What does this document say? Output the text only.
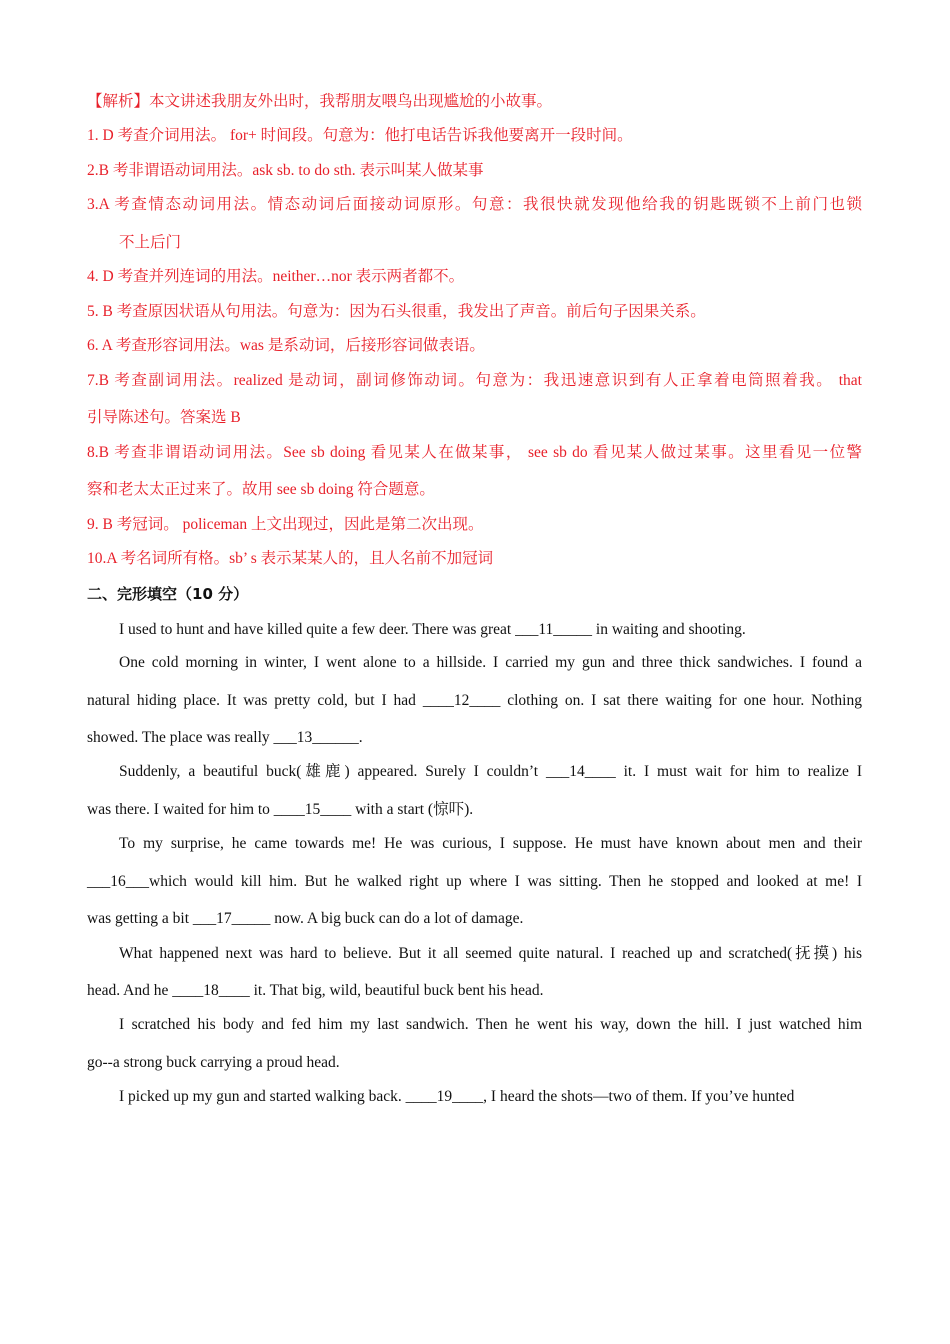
【解析】本文讲述我朋友外出时，我帮朋友喂鸟出现尴尬的小故事。
1. D 考查介词用法。 for+ 时间段。句意为：他打电话告诉我他要离开一段时间。
2.B 考非谓语动词用法。ask sb. to do sth. 表示叫某人做某事
3.A 考查情态动词用法。情态动词后面接动词原形。句意：我很快就发现他给我的钥匙既锁不上前门也锁
不上后门
4. D 考查并列连词的用法。neither…nor 表示两者都不。
5. B 考查原因状语从句用法。句意为：因为石头很重，我发出了声音。前后句子因果关系。
6. A 考查形容词用法。was 是系动词，后接形容词做表语。
7.B 考查副词用法。realized 是动词，副词修饰动词。句意为：我迅速意识到有人正拿着电筒照着我。 that
引导陈述句。答案选 B
8.B 考查非谓语动词用法。See sb doing 看见某人在做某事， see sb do 看见某人做过某事。这里看见一位警
察和老太太正过来了。故用 see sb doing 符合题意。
9. B 考冠词。 policeman 上文出现过，因此是第二次出现。
10.A 考名词所有格。sb’ s 表示某某人的，且人名前不加冠词
二、完形填空（10 分）
I used to hunt and have killed quite a few deer. There was great ___11_____ in waiting and shooting.
One cold morning in winter, I went alone to a hillside. I carried my gun and three thick sandwiches. I found a
natural hiding place. It was pretty cold, but I had ____12____ clothing on. I sat there waiting for one hour. Nothing
showed. The place was really ___13______.
Suddenly, a beautiful buck(雄鹿) appeared. Surely I couldn’t ___14____ it. I must wait for him to realize I
was there. I waited for him to ____15____ with a start (惊吓).
To my surprise, he came towards me! He was curious, I suppose. He must have known about men and their
___16___which would kill him. But he walked right up where I was sitting. Then he stopped and looked at me! I
was getting a bit ___17_____ now. A big buck can do a lot of damage.
What happened next was hard to believe. But it all seemed quite natural. I reached up and scratched(抚摸) his
head. And he ____18____ it. That big, wild, beautiful buck bent his head.
I scratched his body and fed him my last sandwich. Then he went his way, down the hill. I just watched him
go--a strong buck carrying a proud head.
I picked up my gun and started walking back. ____19____, I heard the shots—two of them. If you’ve hunted
